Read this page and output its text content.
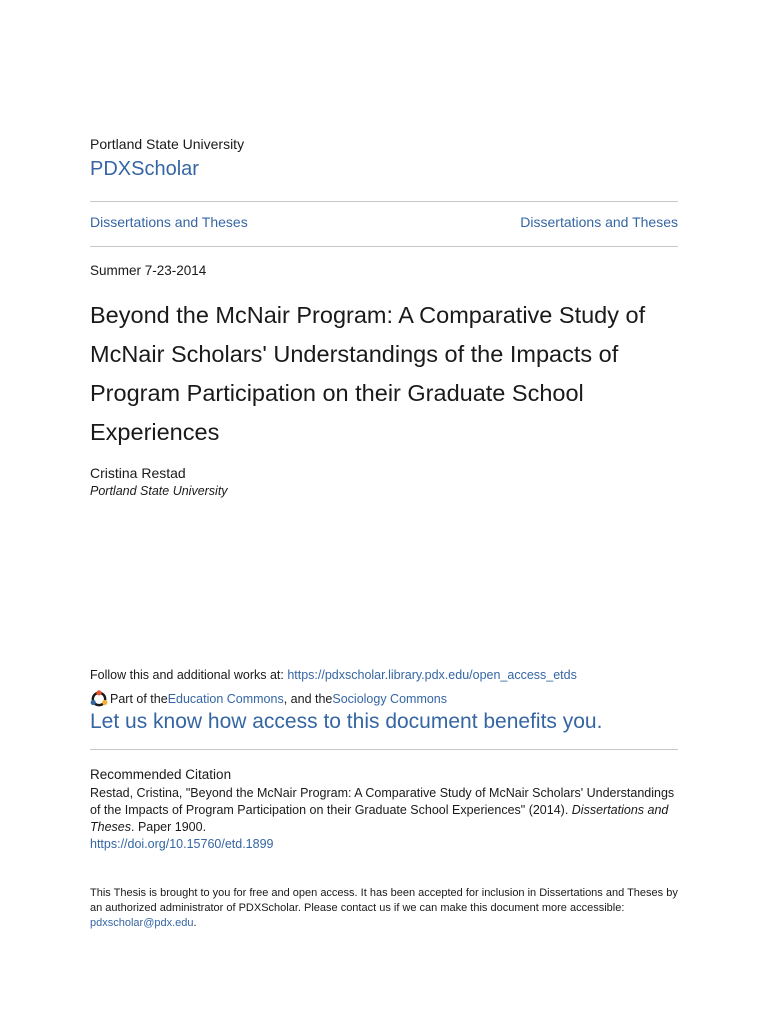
Portland State University
PDXScholar
Dissertations and Theses	Dissertations and Theses
Summer 7-23-2014
Beyond the McNair Program: A Comparative Study of McNair Scholars' Understandings of the Impacts of Program Participation on their Graduate School Experiences
Cristina Restad
Portland State University
Follow this and additional works at: https://pdxscholar.library.pdx.edu/open_access_etds
Part of the Education Commons , and the Sociology Commons
Let us know how access to this document benefits you.
Recommended Citation
Restad, Cristina, "Beyond the McNair Program: A Comparative Study of McNair Scholars' Understandings of the Impacts of Program Participation on their Graduate School Experiences" (2014). Dissertations and Theses. Paper 1900.
https://doi.org/10.15760/etd.1899
This Thesis is brought to you for free and open access. It has been accepted for inclusion in Dissertations and Theses by an authorized administrator of PDXScholar. Please contact us if we can make this document more accessible: pdxscholar@pdx.edu.
